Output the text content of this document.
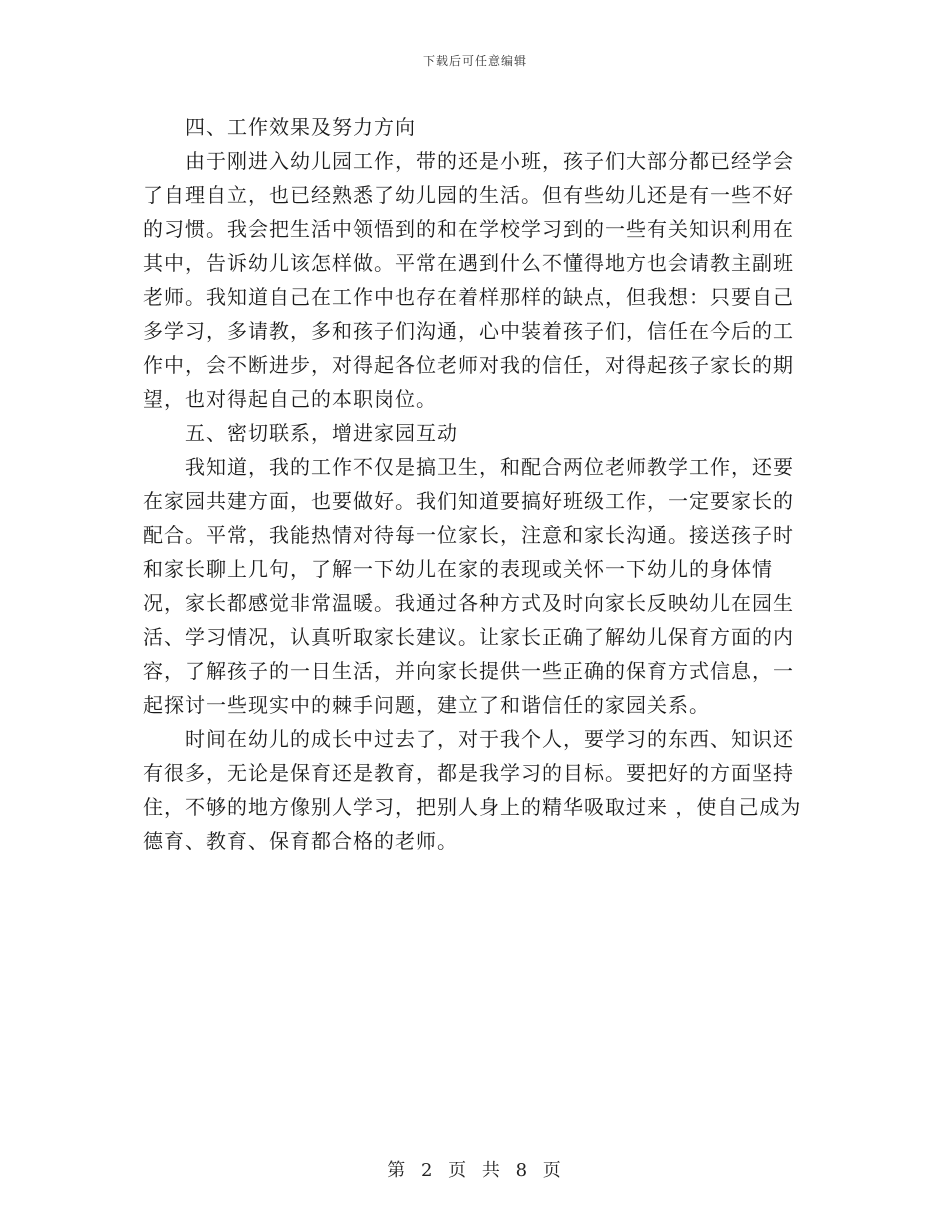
下载后可任意编辑

四、工作效果及努力方向

由于刚进入幼儿园工作，带的还是小班，孩子们大部分都已经学会了自理自立，也已经熟悉了幼儿园的生活。但有些幼儿还是有一些不好的习惯。我会把生活中领悟到的和在学校学习到的一些有关知识利用在其中，告诉幼儿该怎样做。平常在遇到什么不懂得地方也会请教主副班老师。我知道自己在工作中也存在着样那样的缺点，但我想：只要自己多学习，多请教，多和孩子们沟通，心中装着孩子们，信任在今后的工作中，会不断进步，对得起各位老师对我的信任，对得起孩子家长的期望，也对得起自己的本职岗位。

五、密切联系，增进家园互动

我知道，我的工作不仅是搞卫生，和配合两位老师教学工作，还要在家园共建方面，也要做好。我们知道要搞好班级工作，一定要家长的配合。平常，我能热情对待每一位家长，注意和家长沟通。接送孩子时和家长聊上几句，了解一下幼儿在家的表现或关怀一下幼儿的身体情况，家长都感觉非常温暖。我通过各种方式及时向家长反映幼儿在园生活、学习情况，认真听取家长建议。让家长正确了解幼儿保育方面的内容，了解孩子的一日生活，并向家长提供一些正确的保育方式信息，一起探讨一些现实中的棘手问题，建立了和谐信任的家园关系。

时间在幼儿的成长中过去了，对于我个人，要学习的东西、知识还有很多，无论是保育还是教育，都是我学习的目标。要把好的方面坚持住，不够的地方像别人学习，把别人身上的精华吸取过来 ，使自己成为德育、教育、保育都合格的老师。

第 2 页 共 8 页
